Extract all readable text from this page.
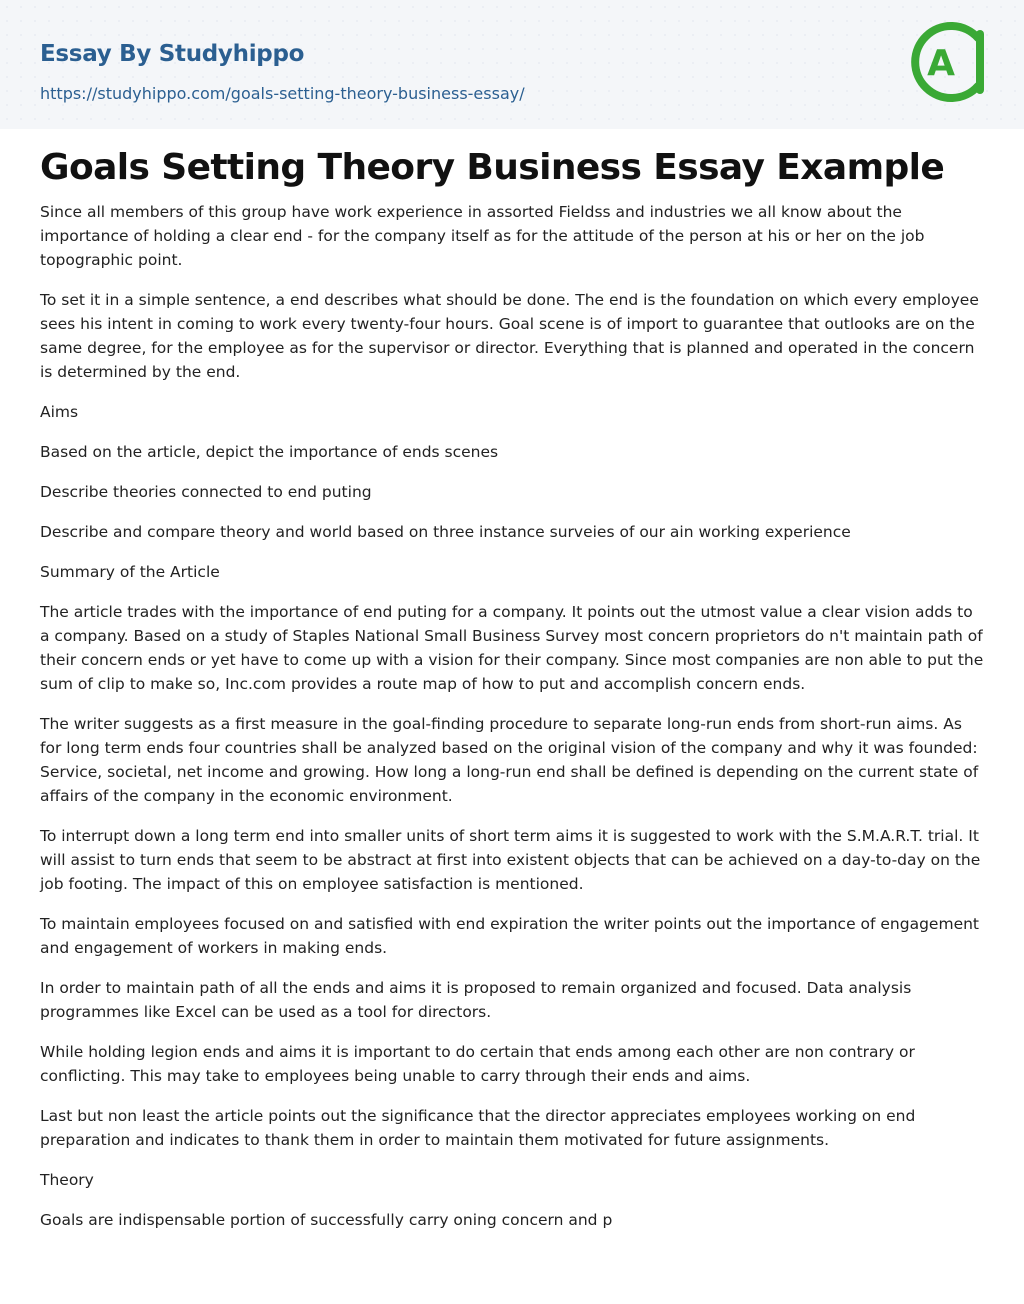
Essay By Studyhippo
https://studyhippo.com/goals-setting-theory-business-essay/
A
Goals Setting Theory Business Essay Example

Since all members of this group have work experience in assorted Fieldss and industries we all know about the importance of holding a clear end - for the company itself as for the attitude of the person at his or her on the job topographic point.

To set it in a simple sentence, a end describes what should be done. The end is the foundation on which every employee sees his intent in coming to work every twenty-four hours. Goal scene is of import to guarantee that outlooks are on the same degree, for the employee as for the supervisor or director. Everything that is planned and operated in the concern is determined by the end.

Aims

Based on the article, depict the importance of ends scenes

Describe theories connected to end puting

Describe and compare theory and world based on three instance surveies of our ain working experience

Summary of the Article

The article trades with the importance of end puting for a company. It points out the utmost value a clear vision adds to a company. Based on a study of Staples National Small Business Survey most concern proprietors do n't maintain path of their concern ends or yet have to come up with a vision for their company. Since most companies are non able to put the sum of clip to make so, Inc.com provides a route map of how to put and accomplish concern ends.

The writer suggests as a first measure in the goal-finding procedure to separate long-run ends from short-run aims. As for long term ends four countries shall be analyzed based on the original vision of the company and why it was founded: Service, societal, net income and growing. How long a long-run end shall be defined is depending on the current state of affairs of the company in the economic environment.

To interrupt down a long term end into smaller units of short term aims it is suggested to work with the S.M.A.R.T. trial. It will assist to turn ends that seem to be abstract at first into existent objects that can be achieved on a day-to-day on the job footing. The impact of this on employee satisfaction is mentioned.

To maintain employees focused on and satisfied with end expiration the writer points out the importance of engagement and engagement of workers in making ends.

In order to maintain path of all the ends and aims it is proposed to remain organized and focused. Data analysis programmes like Excel can be used as a tool for directors.

While holding legion ends and aims it is important to do certain that ends among each other are non contrary or conflicting. This may take to employees being unable to carry through their ends and aims.

Last but non least the article points out the significance that the director appreciates employees working on end preparation and indicates to thank them in order to maintain them motivated for future assignments.

Theory

Goals are indispensable portion of successfully carry oning concern and p
